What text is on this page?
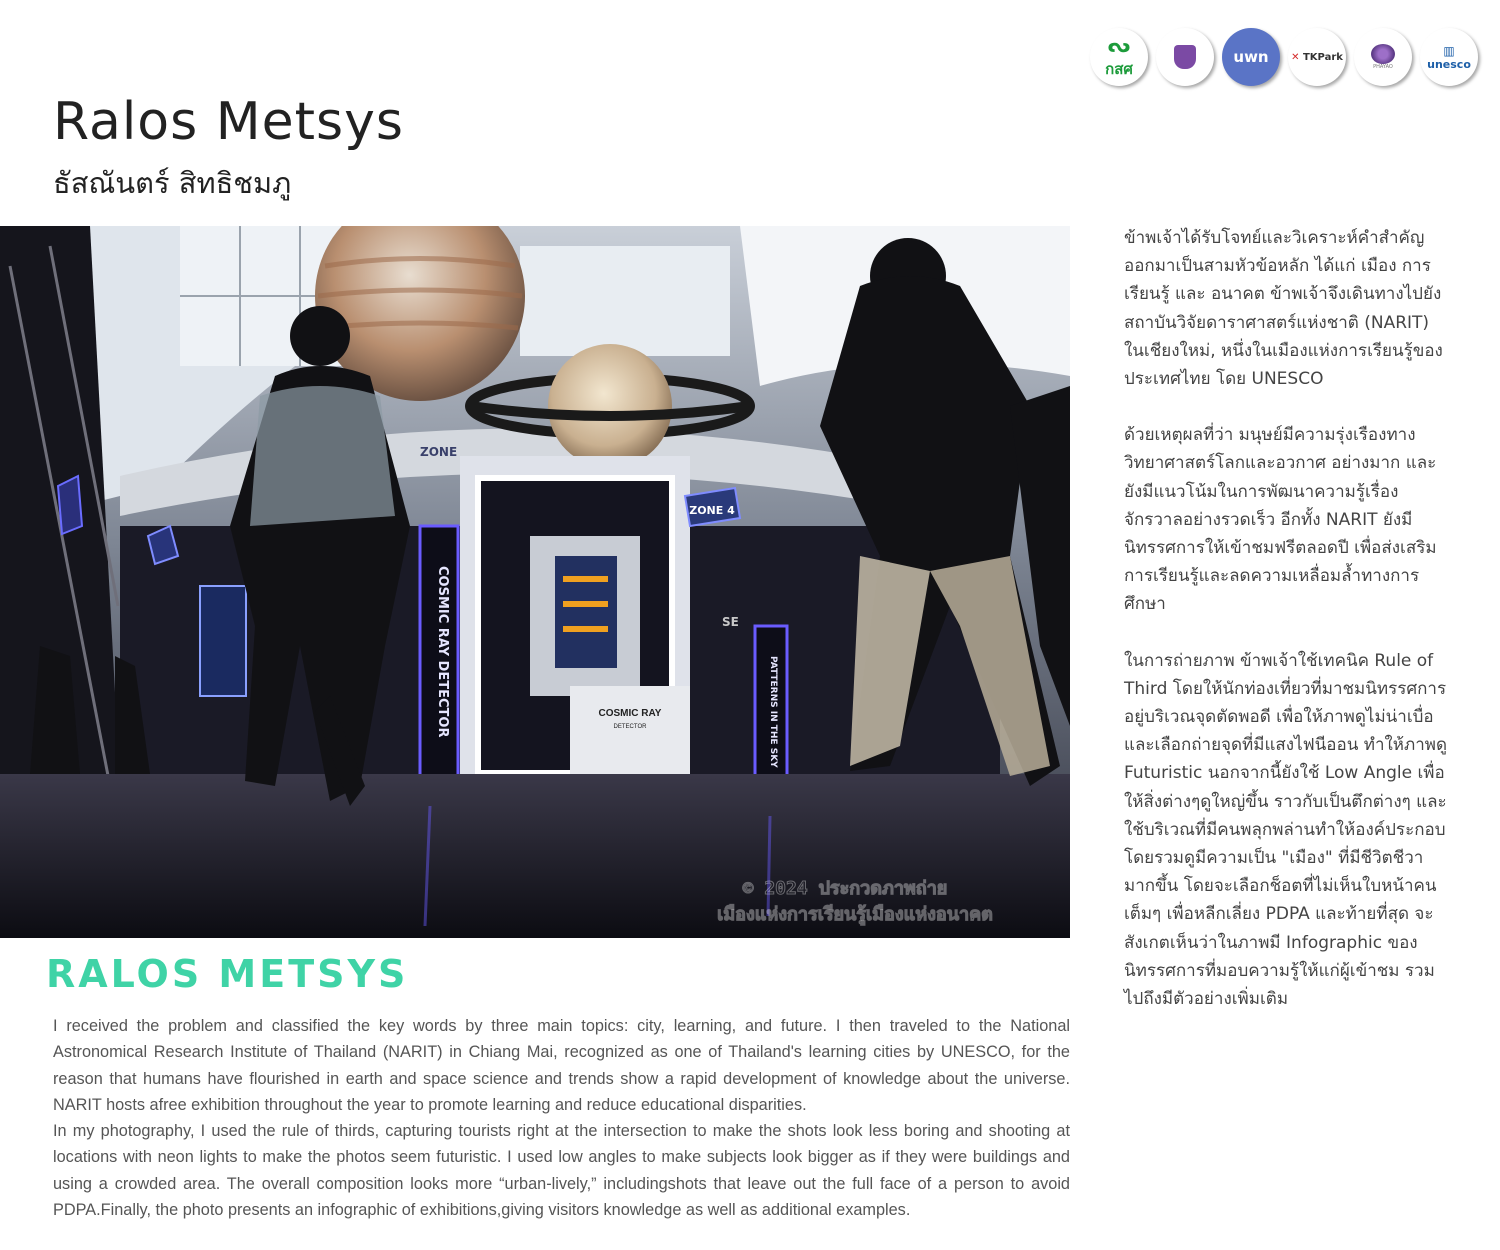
ᔓ
กสศ
uwn ✕ TKPark
PHAYAO
▥
unesco
Ralos Metsys
ธัสณันตร์ สิทธิชมภู
COSMIC RAY
DETECTOR
COSMIC RAY DETECTOR	PATTERNS IN THE SKY
ZONE 4
ZONE
SE
© 2024 ประกวดภาพถ่าย
เมืองแห่งการเรียนรู้เมืองแห่งอนาคต
RALOS METSYS

I received the problem and classified the key words by three main topics: city, learning, and future. I then traveled to the National Astronomical Research Institute of Thailand (NARIT) in Chiang Mai, recognized as one of Thailand's learning cities by UNESCO, for the reason that humans have flourished in earth and space science and trends show a rapid development of knowledge about the universe. NARIT hosts afree exhibition throughout the year to promote learning and reduce educational disparities.

In my photography, I used the rule of thirds, capturing tourists right at the intersection to make the shots look less boring and shooting at locations with neon lights to make the photos seem futuristic. I used low angles to make subjects look bigger as if they were buildings and using a crowded area. The overall composition looks more “urban-lively,” includingshots that leave out the full face of a person to avoid PDPA.Finally, the photo presents an infographic of exhibitions,giving visitors knowledge as well as additional examples.

ข้าพเจ้าได้รับโจทย์และวิเคราะห์คำสำคัญออกมาเป็นสามหัวข้อหลัก ได้แก่ เมือง การเรียนรู้ และ อนาคต ข้าพเจ้าจึงเดินทางไปยังสถาบันวิจัยดาราศาสตร์แห่งชาติ (NARIT) ในเชียงใหม่, หนึ่งในเมืองแห่งการเรียนรู้ของประเทศไทย โดย UNESCO

ด้วยเหตุผลที่ว่า มนุษย์มีความรุ่งเรืองทางวิทยาศาสตร์โลกและอวกาศ อย่างมาก และยังมีแนวโน้มในการพัฒนาความรู้เรื่องจักรวาลอย่างรวดเร็ว อีกทั้ง NARIT ยังมีนิทรรศการให้เข้าชมฟรีตลอดปี เพื่อส่งเสริมการเรียนรู้และลดความเหลื่อมล้ำทางการศึกษา

ในการถ่ายภาพ ข้าพเจ้าใช้เทคนิค Rule of Third โดยให้นักท่องเที่ยวที่มาชมนิทรรศการอยู่บริเวณจุดตัดพอดี เพื่อให้ภาพดูไม่น่าเบื่อ และเลือกถ่ายจุดที่มีแสงไฟนีออน ทำให้ภาพดู Futuristic นอกจากนี้ยังใช้ Low Angle เพื่อให้สิ่งต่างๆดูใหญ่ขึ้น ราวกับเป็นตึกต่างๆ และใช้บริเวณที่มีคนพลุกพล่านทำให้องค์ประกอบโดยรวมดูมีความเป็น "เมือง" ที่มีชีวิตชีวามากขึ้น โดยจะเลือกช็อตที่ไม่เห็นใบหน้าคนเต็มๆ เพื่อหลีกเลี่ยง PDPA และท้ายที่สุด จะสังเกตเห็นว่าในภาพมี Infographic ของนิทรรศการที่มอบความรู้ให้แก่ผู้เข้าชม รวมไปถึงมีตัวอย่างเพิ่มเติม
